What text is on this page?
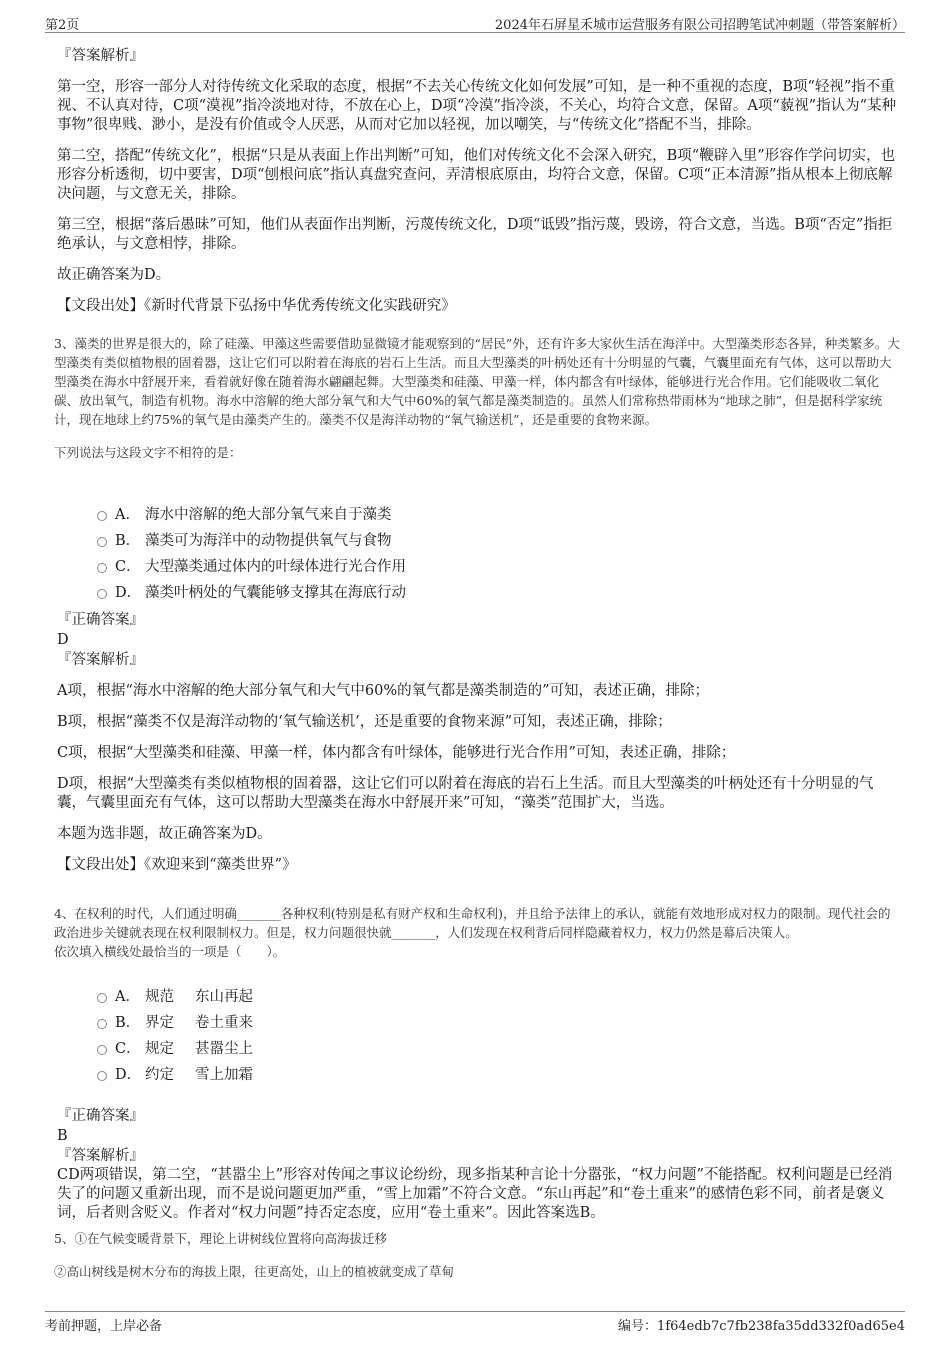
第2页	2024年石屏星禾城市运营服务有限公司招聘笔试冲刺题（带答案解析）

『答案解析』

第一空，形容一部分人对待传统文化采取的态度，根据“不去关心传统文化如何发展”可知，是一种不重视的态度，B项“轻视”指不重视、不认真对待，C项“漠视”指冷淡地对待，不放在心上，D项“冷漠”指冷淡，不关心，均符合文意，保留。A项“藐视”指认为“某种事物”很卑贱、渺小，是没有价值或令人厌恶，从而对它加以轻视，加以嘲笑，与“传统文化”搭配不当，排除。

第二空，搭配“传统文化”，根据“只是从表面上作出判断”可知，他们对传统文化不会深入研究，B项“鞭辟入里”形容作学问切实，也形容分析透彻，切中要害，D项“刨根问底”指认真盘究查问，弄清根底原由，均符合文意，保留。C项“正本清源”指从根本上彻底解决问题，与文意无关，排除。

第三空，根据“落后愚昧”可知，他们从表面作出判断，污蔑传统文化，D项“诋毁”指污蔑，毁谤，符合文意，当选。B项“否定”指拒绝承认，与文意相悖，排除。

故正确答案为D。

【文段出处】《新时代背景下弘扬中华优秀传统文化实践研究》

3、藻类的世界是很大的，除了硅藻、甲藻这些需要借助显微镜才能观察到的“居民”外，还有许多大家伙生活在海洋中。大型藻类形态各异，种类繁多。大型藻类有类似植物根的固着器，这让它们可以附着在海底的岩石上生活。而且大型藻类的叶柄处还有十分明显的气囊，气囊里面充有气体，这可以帮助大型藻类在海水中舒展开来，看着就好像在随着海水翩翩起舞。大型藻类和硅藻、甲藻一样，体内都含有叶绿体，能够进行光合作用。它们能吸收二氧化碳、放出氧气，制造有机物。海水中溶解的绝大部分氧气和大气中60%的氧气都是藻类制造的。虽然人们常称热带雨林为“地球之肺”，但是据科学家统计，现在地球上约75%的氧气是由藻类产生的。藻类不仅是海洋动物的“氧气输送机”，还是重要的食物来源。

下列说法与这段文字不相符的是：

A． 海水中溶解的绝大部分氧气来自于藻类
B． 藻类可为海洋中的动物提供氧气与食物
C． 大型藻类通过体内的叶绿体进行光合作用
D． 藻类叶柄处的气囊能够支撑其在海底行动

『正确答案』

D

『答案解析』

A项，根据“海水中溶解的绝大部分氧气和大气中60%的氧气都是藻类制造的”可知，表述正确，排除；

B项，根据“藻类不仅是海洋动物的‘氧气输送机’，还是重要的食物来源”可知，表述正确，排除；

C项，根据“大型藻类和硅藻、甲藻一样，体内都含有叶绿体，能够进行光合作用”可知，表述正确，排除；

D项，根据“大型藻类有类似植物根的固着器，这让它们可以附着在海底的岩石上生活。而且大型藻类的叶柄处还有十分明显的气囊，气囊里面充有气体，这可以帮助大型藻类在海水中舒展开来”可知，“藻类”范围扩大，当选。

本题为选非题，故正确答案为D。

【文段出处】《欢迎来到“藻类世界”》

4、在权利的时代，人们通过明确_______各种权利(特别是私有财产权和生命权利)，并且给予法律上的承认，就能有效地形成对权力的限制。现代社会的政治进步关键就表现在权利限制权力。但是，权力问题很快就_______，人们发现在权利背后同样隐藏着权力，权力仍然是幕后决策人。

依次填入横线处最恰当的一项是（　　）。

A． 规范 东山再起
B． 界定 卷土重来
C． 规定 甚嚣尘上
D． 约定 雪上加霜

『正确答案』

B

『答案解析』

CD两项错误，第二空，“甚嚣尘上”形容对传闻之事议论纷纷，现多指某种言论十分嚣张，“权力问题”不能搭配。权利问题是已经消失了的问题又重新出现，而不是说问题更加严重，“雪上加霜”不符合文意。“东山再起”和“卷土重来”的感情色彩不同，前者是褒义词，后者则含贬义。作者对“权力问题”持否定态度，应用“卷土重来”。因此答案选B。

5、①在气候变暖背景下，理论上讲树线位置将向高海拔迁移

②高山树线是树木分布的海拔上限，往更高处，山上的植被就变成了草甸

考前押题，上岸必备	编号：1f64edb7c7fb238fa35dd332f0ad65e4
